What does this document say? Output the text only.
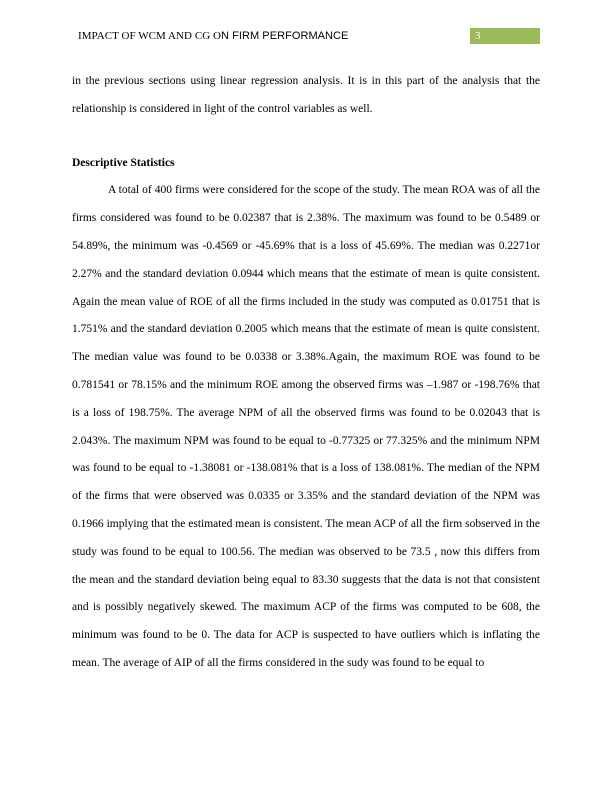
IMPACT OF WCM AND CG ON FIRM PERFORMANCE	3

in the previous sections using linear regression analysis. It is in this part of the analysis that the relationship is considered in light of the control variables as well.

Descriptive Statistics

A total of 400 firms were considered for the scope of the study. The mean ROA was of all the firms considered was found to be 0.02387 that is 2.38%. The maximum was found to be 0.5489 or 54.89%, the minimum was -0.4569 or -45.69% that is a loss of 45.69%. The median was 0.2271or 2.27% and the standard deviation 0.0944 which means that the estimate of mean is quite consistent. Again the mean value of ROE of all the firms included in the study was computed as 0.01751 that is 1.751% and the standard deviation 0.2005 which means that the estimate of mean is quite consistent. The median value was found to be 0.0338 or 3.38%.Again, the maximum ROE was found to be 0.781541 or 78.15% and the minimum ROE among the observed firms was –1.987 or -198.76% that is a loss of 198.75%. The average NPM of all the observed firms was found to be 0.02043 that is 2.043%. The maximum NPM was found to be equal to -0.77325 or 77.325% and the minimum NPM was found to be equal to -1.38081 or -138.081% that is a loss of 138.081%. The median of the NPM of the firms that were observed was 0.0335 or 3.35% and the standard deviation of the NPM was 0.1966 implying that the estimated mean is consistent. The mean ACP of all the firm sobserved in the study was found to be equal to 100.56. The median was observed to be 73.5 , now this differs from the mean and the standard deviation being equal to 83.30 suggests that the data is not that consistent and is possibly negatively skewed. The maximum ACP of the firms was computed to be 608, the minimum was found to be 0. The data for ACP is suspected to have outliers which is inflating the mean. The average of AIP of all the firms considered in the sudy was found to be equal to
